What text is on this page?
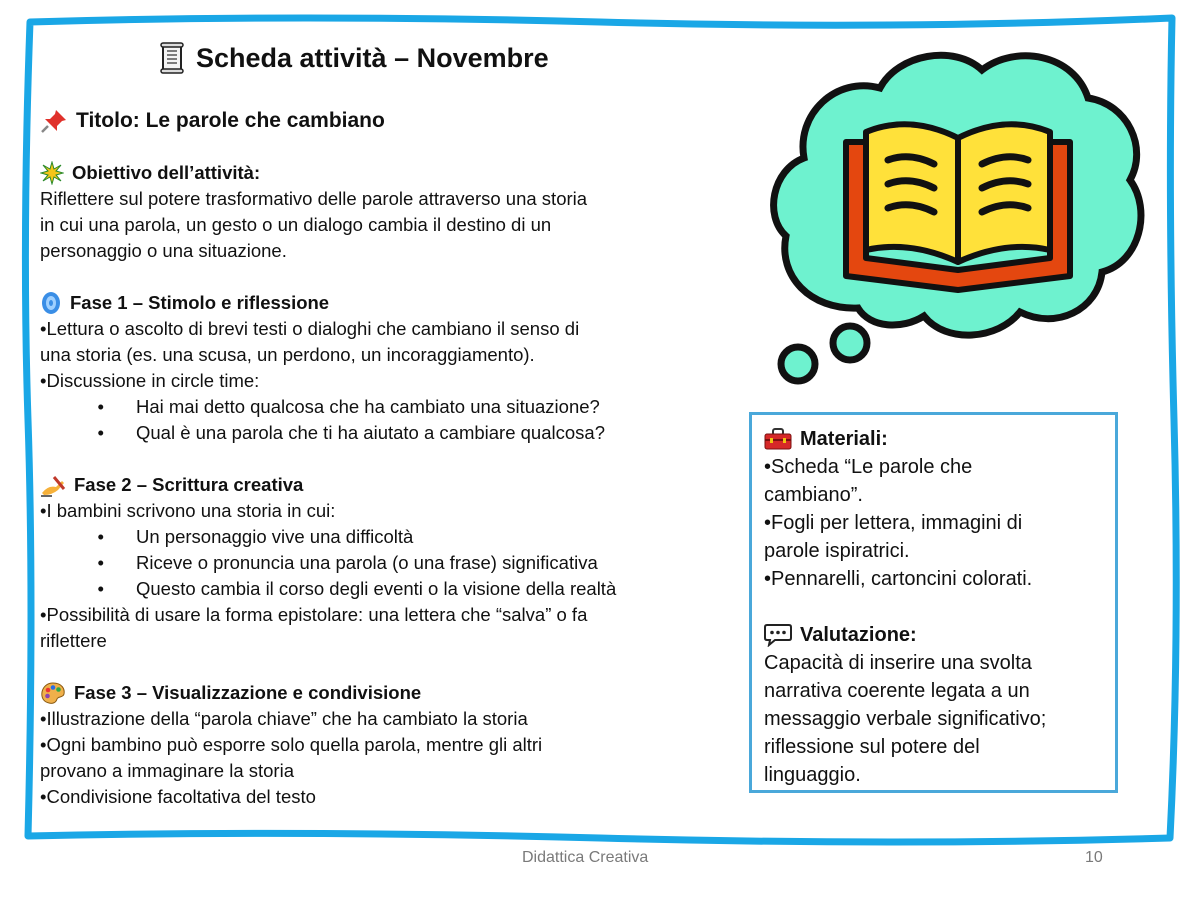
Scheda attività – Novembre
Titolo: Le parole che cambiano
Obiettivo dell’attività:
Riflettere sul potere trasformativo delle parole attraverso una storia
in cui una parola, un gesto o un dialogo cambia il destino di un
personaggio o una situazione.
Fase 1 – Stimolo e riflessione
•Lettura o ascolto di brevi testi o dialoghi che cambiano il senso di
una storia (es. una scusa, un perdono, un incoraggiamento).
•Discussione in circle time:
•	Hai mai detto qualcosa che ha cambiato una situazione?
•	Qual è una parola che ti ha aiutato a cambiare qualcosa?
Fase 2 – Scrittura creativa
•I bambini scrivono una storia in cui:
•	Un personaggio vive una difficoltà
•	Riceve o pronuncia una parola (o una frase) significativa
•	Questo cambia il corso degli eventi o la visione della realtà
•Possibilità di usare la forma epistolare: una lettera che “salva” o fa
riflettere
Fase 3 – Visualizzazione e condivisione
•Illustrazione della “parola chiave” che ha cambiato la storia
•Ogni bambino può esporre solo quella parola, mentre gli altri
provano a immaginare la storia
•Condivisione facoltativa del testo
Materiali:
•Scheda “Le parole che
cambiano”.
•Fogli per lettera, immagini di
parole ispiratrici.
•Pennarelli, cartoncini colorati.
Valutazione:
Capacità di inserire una svolta
narrativa coerente legata a un
messaggio verbale significativo;
riflessione sul potere del
linguaggio.
Didattica Creativa	10
